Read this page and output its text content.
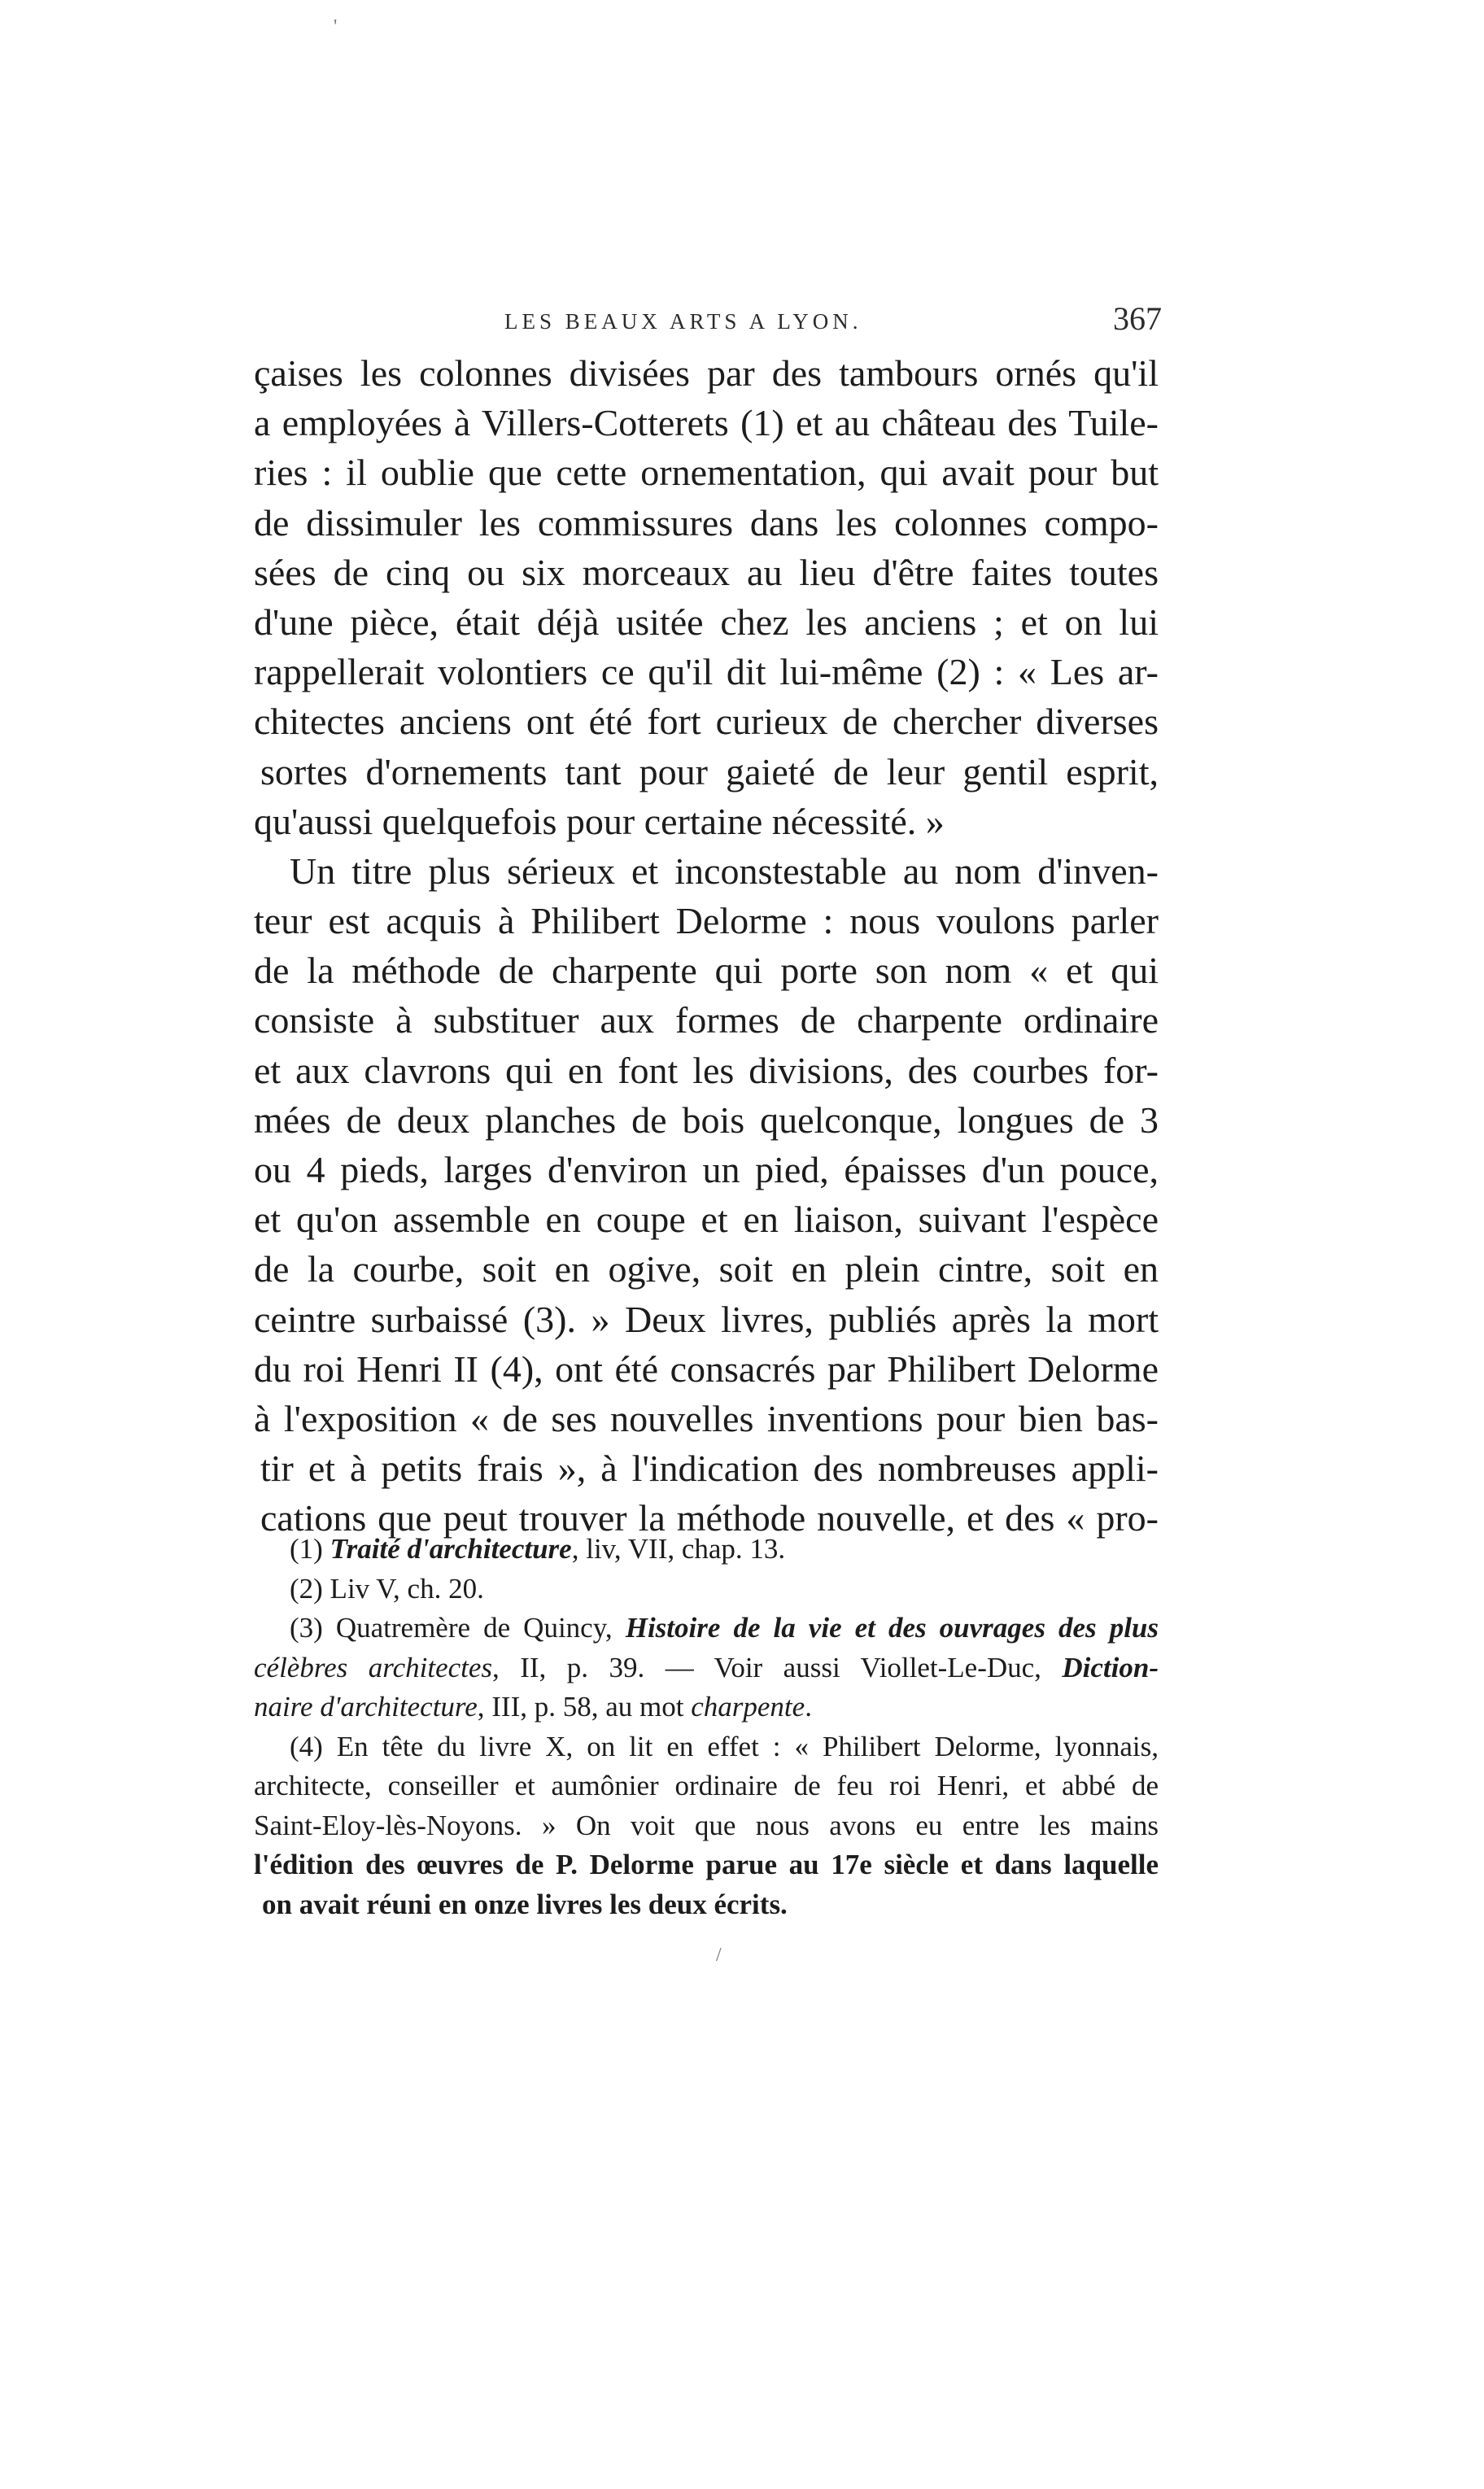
LES BEAUX ARTS A LYON.	367
çaises les colonnes divisées par des tambours ornés qu'il
a employées à Villers-Cotterets (1) et au château des Tuile-
ries : il oublie que cette ornementation, qui avait pour but
de dissimuler les commissures dans les colonnes compo-
sées de cinq ou six morceaux au lieu d'être faites toutes
d'une pièce, était déjà usitée chez les anciens ; et on lui
rappellerait volontiers ce qu'il dit lui-même (2) : « Les ar-
chitectes anciens ont été fort curieux de chercher diverses
sortes d'ornements tant pour gaieté de leur gentil esprit,
qu'aussi quelquefois pour certaine nécessité. »
Un titre plus sérieux et inconstestable au nom d'inven-
teur est acquis à Philibert Delorme : nous voulons parler
de la méthode de charpente qui porte son nom « et qui
consiste à substituer aux formes de charpente ordinaire
et aux clavrons qui en font les divisions, des courbes for-
mées de deux planches de bois quelconque, longues de 3
ou 4 pieds, larges d'environ un pied, épaisses d'un pouce,
et qu'on assemble en coupe et en liaison, suivant l'espèce
de la courbe, soit en ogive, soit en plein cintre, soit en
ceintre surbaissé (3). » Deux livres, publiés après la mort
du roi Henri II (4), ont été consacrés par Philibert Delorme
à l'exposition « de ses nouvelles inventions pour bien bas-
tir et à petits frais », à l'indication des nombreuses appli-
cations que peut trouver la méthode nouvelle, et des « pro-
(1) Traité d'architecture, liv, VII, chap. 13.
(2) Liv V, ch. 20.
(3) Quatremère de Quincy, Histoire de la vie et des ouvrages des plus
célèbres architectes, II, p. 39. — Voir aussi Viollet-Le-Duc, Diction-
naire d'architecture, III, p. 58, au mot charpente.
(4) En tête du livre X, on lit en effet : « Philibert Delorme, lyonnais,
architecte, conseiller et aumônier ordinaire de feu roi Henri, et abbé de
Saint-Eloy-lès-Noyons. » On voit que nous avons eu entre les mains
l'édition des œuvres de P. Delorme parue au 17e siècle et dans laquelle
on avait réuni en onze livres les deux écrits.
'
/
